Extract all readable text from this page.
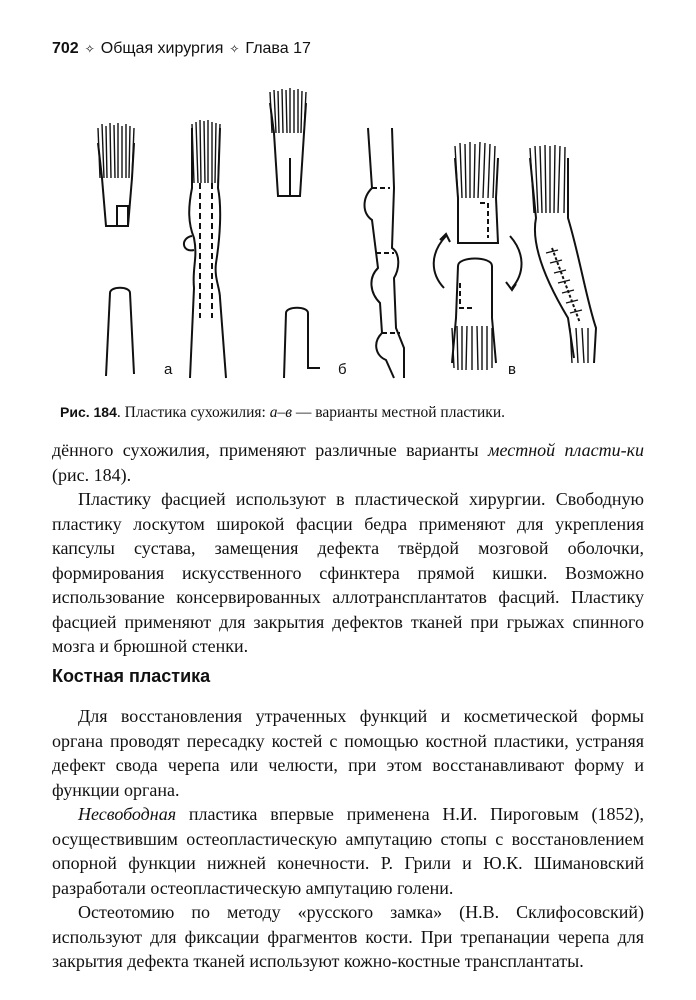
702 ✧ Общая хирургия ✧ Глава 17
а	б	в
Рис. 184. Пластика сухожилия: а–в — варианты местной пластики.

дённого сухожилия, применяют различные варианты местной пласти-ки (рис. 184).

Пластику фасцией используют в пластической хирургии. Свободную пластику лоскутом широкой фасции бедра применяют для укрепления капсулы сустава, замещения дефекта твёрдой мозговой оболочки, формирования искусственного сфинктера прямой кишки. Возможно использование консервированных аллотрансплантатов фасций. Пластику фасцией применяют для закрытия дефектов тканей при грыжах спинного мозга и брюшной стенки.

Костная пластика

Для восстановления утраченных функций и косметической формы органа проводят пересадку костей с помощью костной пластики, устраняя дефект свода черепа или челюсти, при этом восстанавливают форму и функции органа.

Несвободная пластика впервые применена Н.И. Пироговым (1852), осуществившим остеопластическую ампутацию стопы с восстановлением опорной функции нижней конечности. Р. Грили и Ю.К. Шимановский разработали остеопластическую ампутацию голени.

Остеотомию по методу «русского замка» (Н.В. Склифосовский) используют для фиксации фрагментов кости. При трепанации черепа для закрытия дефекта тканей используют кожно-костные трансплантаты.
